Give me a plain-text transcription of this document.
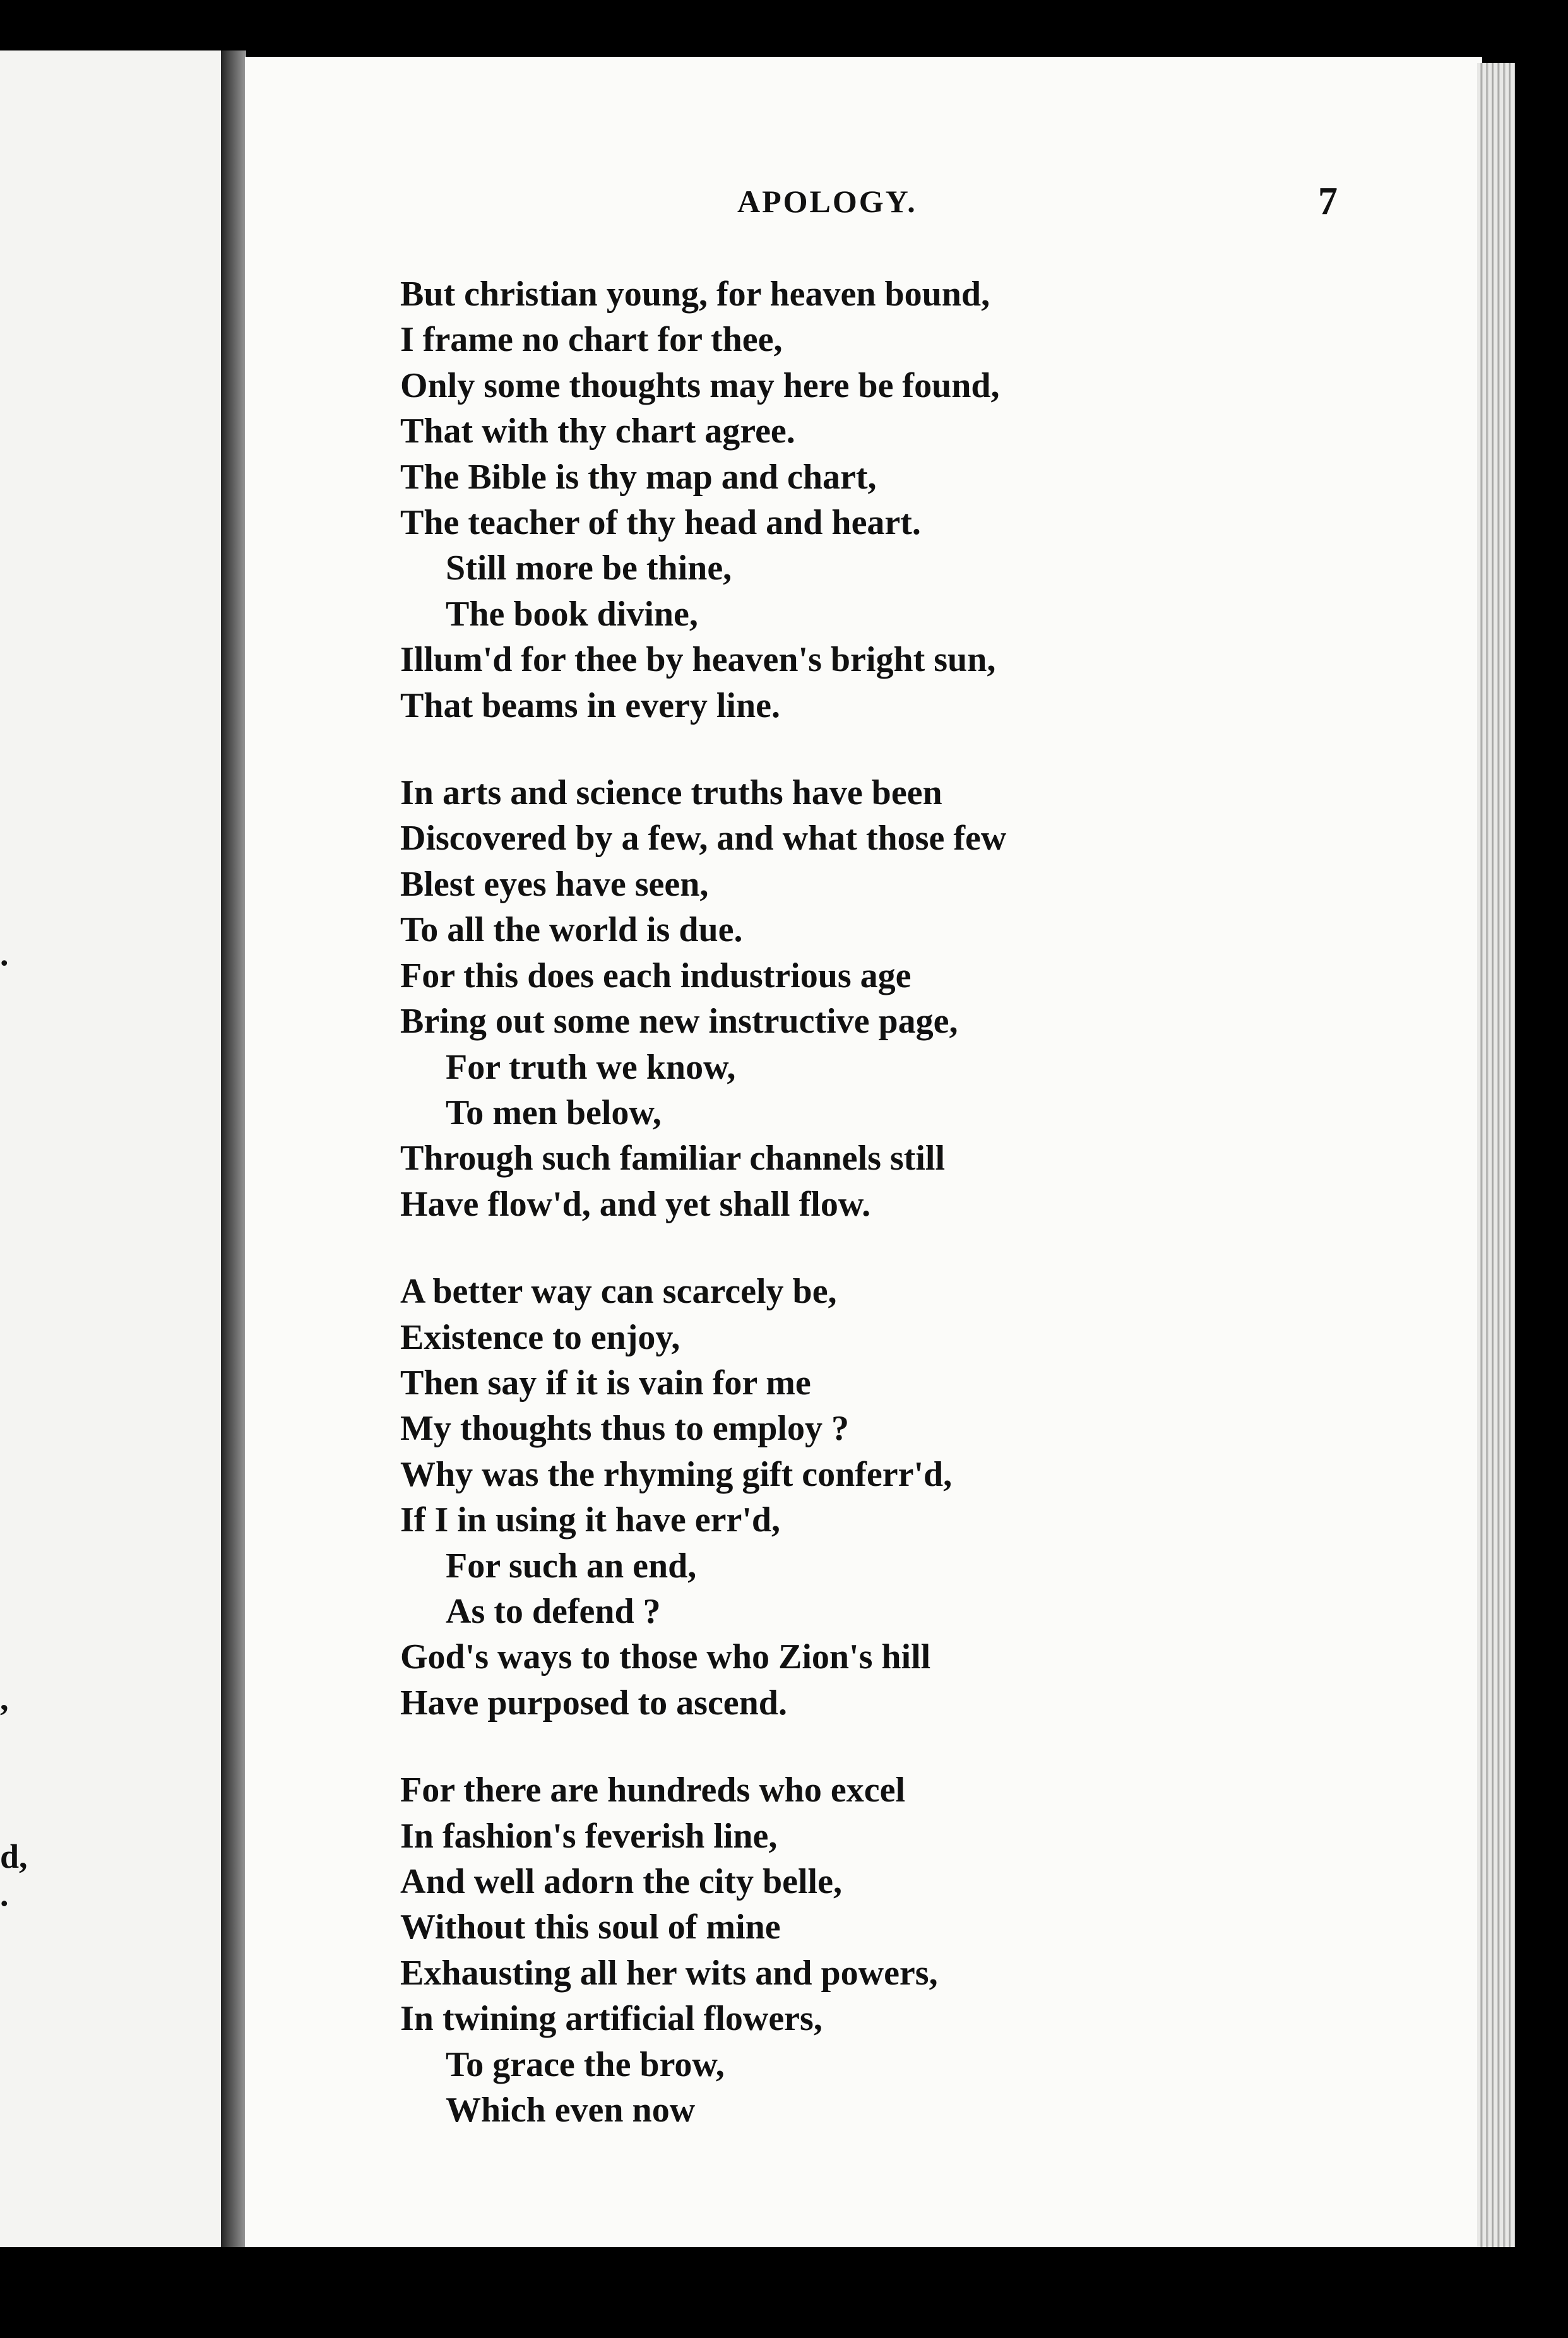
,
d,
.
.
APOLOGY.	7
But christian young, for heaven bound,
I frame no chart for thee,
Only some thoughts may here be found,
That with thy chart agree.
The Bible is thy map and chart,
The teacher of thy head and heart.
Still more be thine,
The book divine,
Illum'd for thee by heaven's bright sun,
That beams in every line.
In arts and science truths have been
Discovered by a few, and what those few
Blest eyes have seen,
To all the world is due.
For this does each industrious age
Bring out some new instructive page,
For truth we know,
To men below,
Through such familiar channels still
Have flow'd, and yet shall flow.
A better way can scarcely be,
Existence to enjoy,
Then say if it is vain for me
My thoughts thus to employ ?
Why was the rhyming gift conferr'd,
If I in using it have err'd,
For such an end,
As to defend ?
God's ways to those who Zion's hill
Have purposed to ascend.
For there are hundreds who excel
In fashion's feverish line,
And well adorn the city belle,
Without this soul of mine
Exhausting all her wits and powers,
In twining artificial flowers,
To grace the brow,
Which even now
